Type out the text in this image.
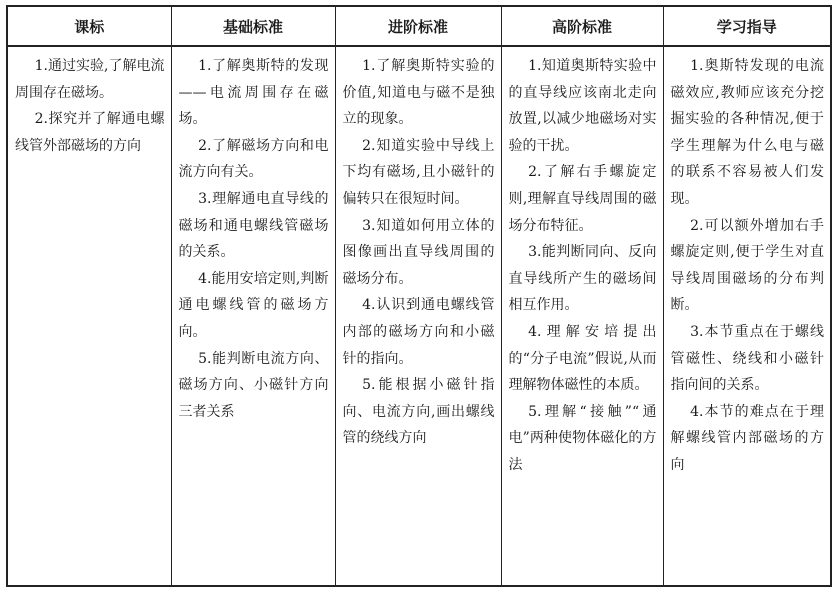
课标	基础标准	进阶标准	高阶标准	学习指导

1.通过实验,了解电流周围存在磁场。
2.探究并了解通电螺线管外部磁场的方向	1.了解奥斯特的发现——电流周围存在磁场。
2.了解磁场方向和电流方向有关。
3.理解通电直导线的磁场和通电螺线管磁场的关系。
4.能用安培定则,判断通电螺线管的磁场方向。
5.能判断电流方向、磁场方向、小磁针方向三者关系	1.了解奥斯特实验的价值,知道电与磁不是独立的现象。
2.知道实验中导线上下均有磁场,且小磁针的偏转只在很短时间。
3.知道如何用立体的图像画出直导线周围的磁场分布。
4.认识到通电螺线管内部的磁场方向和小磁针的指向。
5.能根据小磁针指向、电流方向,画出螺线管的绕线方向	1.知道奥斯特实验中的直导线应该南北走向放置,以减少地磁场对实验的干扰。
2.了解右手螺旋定则,理解直导线周围的磁场分布特征。
3.能判断同向、反向直导线所产生的磁场间相互作用。
4.理解安培提出的“分子电流”假说,从而理解物体磁性的本质。
5.理解“接触”“通电”两种使物体磁化的方法	1.奥斯特发现的电流磁效应,教师应该充分挖掘实验的各种情况,便于学生理解为什么电与磁的联系不容易被人们发现。
2.可以额外增加右手螺旋定则,便于学生对直导线周围磁场的分布判断。
3.本节重点在于螺线管磁性、绕线和小磁针指向间的关系。
4.本节的难点在于理解螺线管内部磁场的方向
